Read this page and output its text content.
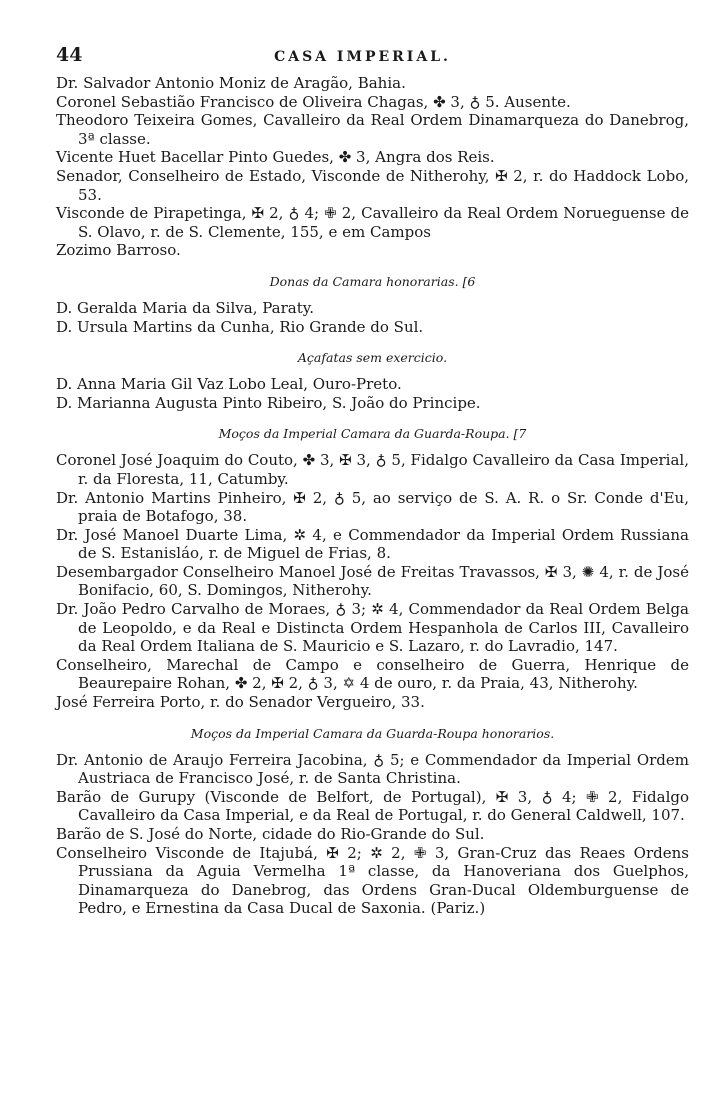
44	CASA IMPERIAL.
Dr. Salvador Antonio Moniz de Aragão, Bahia.
Coronel Sebastião Francisco de Oliveira Chagas, ✤ 3, ♁ 5. Ausente.
Theodoro Teixeira Gomes, Cavalleiro da Real Ordem Dinamarqueza do Danebrog, 3ª classe.
Vicente Huet Bacellar Pinto Guedes, ✤ 3, Angra dos Reis.
Senador, Conselheiro de Estado, Visconde de Nitherohy, ✠ 2, r. do Haddock Lobo, 53.
Visconde de Pirapetinga, ✠ 2, ♁ 4; ✙ 2, Cavalleiro da Real Ordem Norueguense de S. Olavo, r. de S. Clemente, 155, e em Campos
Zozimo Barroso.
Donas da Camara honorarias. [6
D. Geralda Maria da Silva, Paraty.
D. Ursula Martins da Cunha, Rio Grande do Sul.
Açafatas sem exercicio.
D. Anna Maria Gil Vaz Lobo Leal, Ouro-Preto.
D. Marianna Augusta Pinto Ribeiro, S. João do Principe.
Moços da Imperial Camara da Guarda-Roupa. [7
Coronel José Joaquim do Couto, ✤ 3, ✠ 3, ♁ 5, Fidalgo Cavalleiro da Casa Imperial, r. da Floresta, 11, Catumby.
Dr. Antonio Martins Pinheiro, ✠ 2, ♁ 5, ao serviço de S. A. R. o Sr. Conde d'Eu, praia de Botafogo, 38.
Dr. José Manoel Duarte Lima, ✲ 4, e Commendador da Imperial Ordem Russiana de S. Estanisláo, r. de Miguel de Frias, 8.
Desembargador Conselheiro Manoel José de Freitas Travassos, ✠ 3, ✺ 4, r. de José Bonifacio, 60, S. Domingos, Nitherohy.
Dr. João Pedro Carvalho de Moraes, ♁ 3; ✲ 4, Commendador da Real Ordem Belga de Leopoldo, e da Real e Distincta Ordem Hespanhola de Carlos III, Cavalleiro da Real Ordem Italiana de S. Mauricio e S. Lazaro, r. do Lavradio, 147.
Conselheiro, Marechal de Campo e conselheiro de Guerra, Henrique de Beaurepaire Rohan, ✤ 2, ✠ 2, ♁ 3, ✡ 4 de ouro, r. da Praia, 43, Nitherohy.
José Ferreira Porto, r. do Senador Vergueiro, 33.
Moços da Imperial Camara da Guarda-Roupa honorarios.
Dr. Antonio de Araujo Ferreira Jacobina, ♁ 5; e Commendador da Imperial Ordem Austriaca de Francisco José, r. de Santa Christina.
Barão de Gurupy (Visconde de Belfort, de Portugal), ✠ 3, ♁ 4; ✙ 2, Fidalgo Cavalleiro da Casa Imperial, e da Real de Portugal, r. do General Caldwell, 107.
Barão de S. José do Norte, cidade do Rio-Grande do Sul.
Conselheiro Visconde de Itajubá, ✠ 2; ✲ 2, ✙ 3, Gran-Cruz das Reaes Ordens Prussiana da Aguia Vermelha 1ª classe, da Hanoveriana dos Guelphos, Dinamarqueza do Danebrog, das Ordens Gran-Ducal Oldemburguense de Pedro, e Ernestina da Casa Ducal de Saxonia. (Pariz.)
